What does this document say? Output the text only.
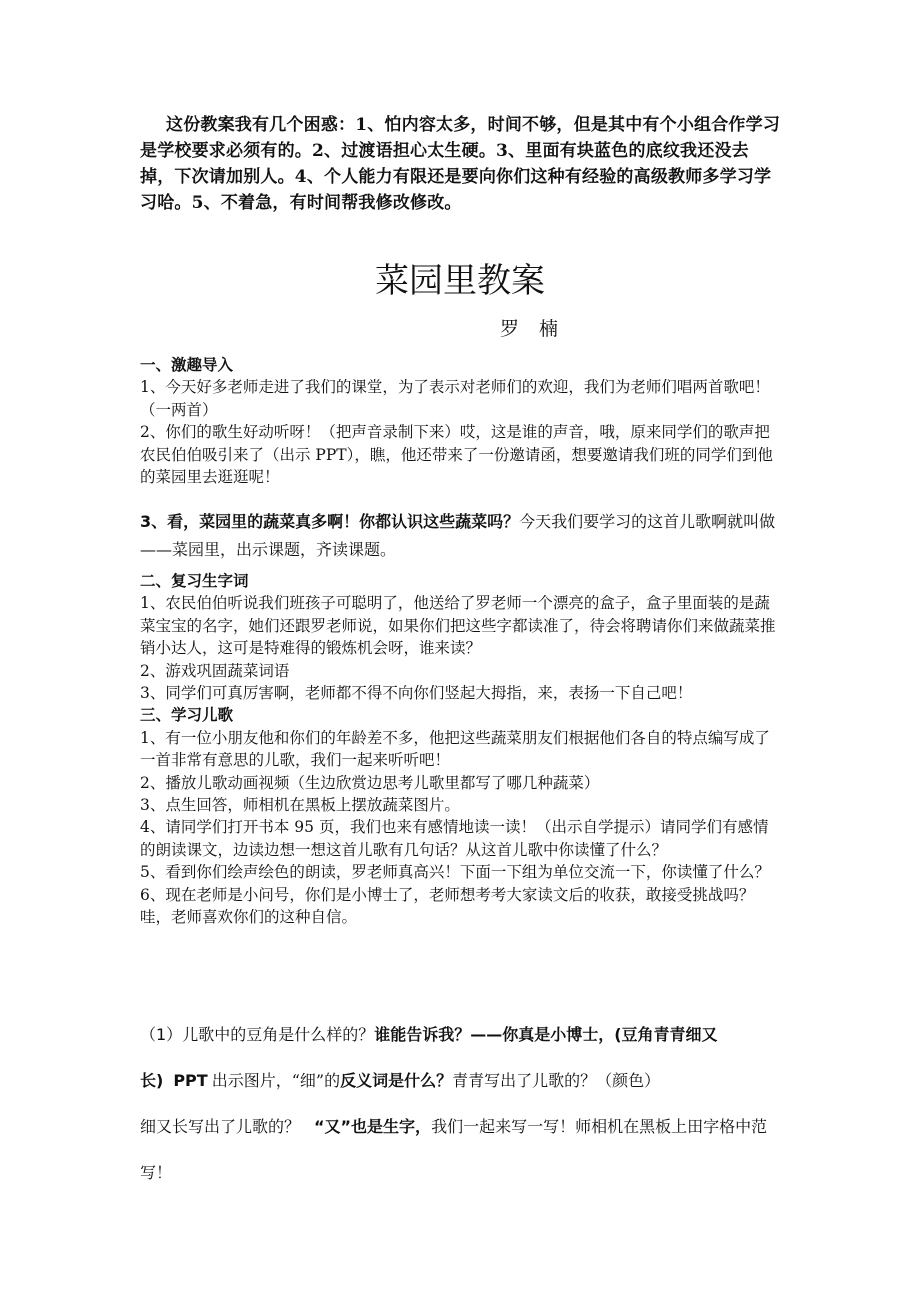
这份教案我有几个困惑：1、怕内容太多，时间不够，但是其中有个小组合作学习是学校要求必须有的。2、过渡语担心太生硬。3、里面有块蓝色的底纹我还没去掉，下次请加别人。4、个人能力有限还是要向你们这种有经验的高级教师多学习学习哈。5、不着急，有时间帮我修改修改。

菜园里教案
罗楠

一、激趣导入

1、今天好多老师走进了我们的课堂，为了表示对老师们的欢迎，我们为老师们唱两首歌吧！（一两首）

2、你们的歌生好动听呀！（把声音录制下来）哎，这是谁的声音，哦，原来同学们的歌声把农民伯伯吸引来了（出示 PPT），瞧，他还带来了一份邀请函，想要邀请我们班的同学们到他的菜园里去逛逛呢！

3、看，菜园里的蔬菜真多啊！你都认识这些蔬菜吗？今天我们要学习的这首儿歌啊就叫做——菜园里，出示课题，齐读课题。

二、复习生字词

1、农民伯伯听说我们班孩子可聪明了，他送给了罗老师一个漂亮的盒子，盒子里面装的是蔬菜宝宝的名字，她们还跟罗老师说，如果你们把这些字都读准了，待会将聘请你们来做蔬菜推销小达人，这可是特难得的锻炼机会呀，谁来读？

2、游戏巩固蔬菜词语

3、同学们可真厉害啊，老师都不得不向你们竖起大拇指，来，表扬一下自己吧！

三、学习儿歌

1、有一位小朋友他和你们的年龄差不多，他把这些蔬菜朋友们根据他们各自的特点编写成了一首非常有意思的儿歌，我们一起来听听吧！

2、播放儿歌动画视频（生边欣赏边思考儿歌里都写了哪几种蔬菜）

3、点生回答，师相机在黑板上摆放蔬菜图片。

4、请同学们打开书本 95 页，我们也来有感情地读一读！（出示自学提示）请同学们有感情的朗读课文，边读边想一想这首儿歌有几句话？从这首儿歌中你读懂了什么？

5、看到你们绘声绘色的朗读，罗老师真高兴！下面一下组为单位交流一下，你读懂了什么？

6、现在老师是小问号，你们是小博士了，老师想考考大家读文后的收获，敢接受挑战吗？哇，老师喜欢你们的这种自信。

（1）儿歌中的豆角是什么样的？谁能告诉我？——你真是小博士，(豆角青青细又长) PPT 出示图片，“细”的反义词是什么？青青写出了儿歌的？（颜色）
细又长写出了儿歌的？ “又”也是生字，我们一起来写一写！师相机在黑板上田字格中范写！
